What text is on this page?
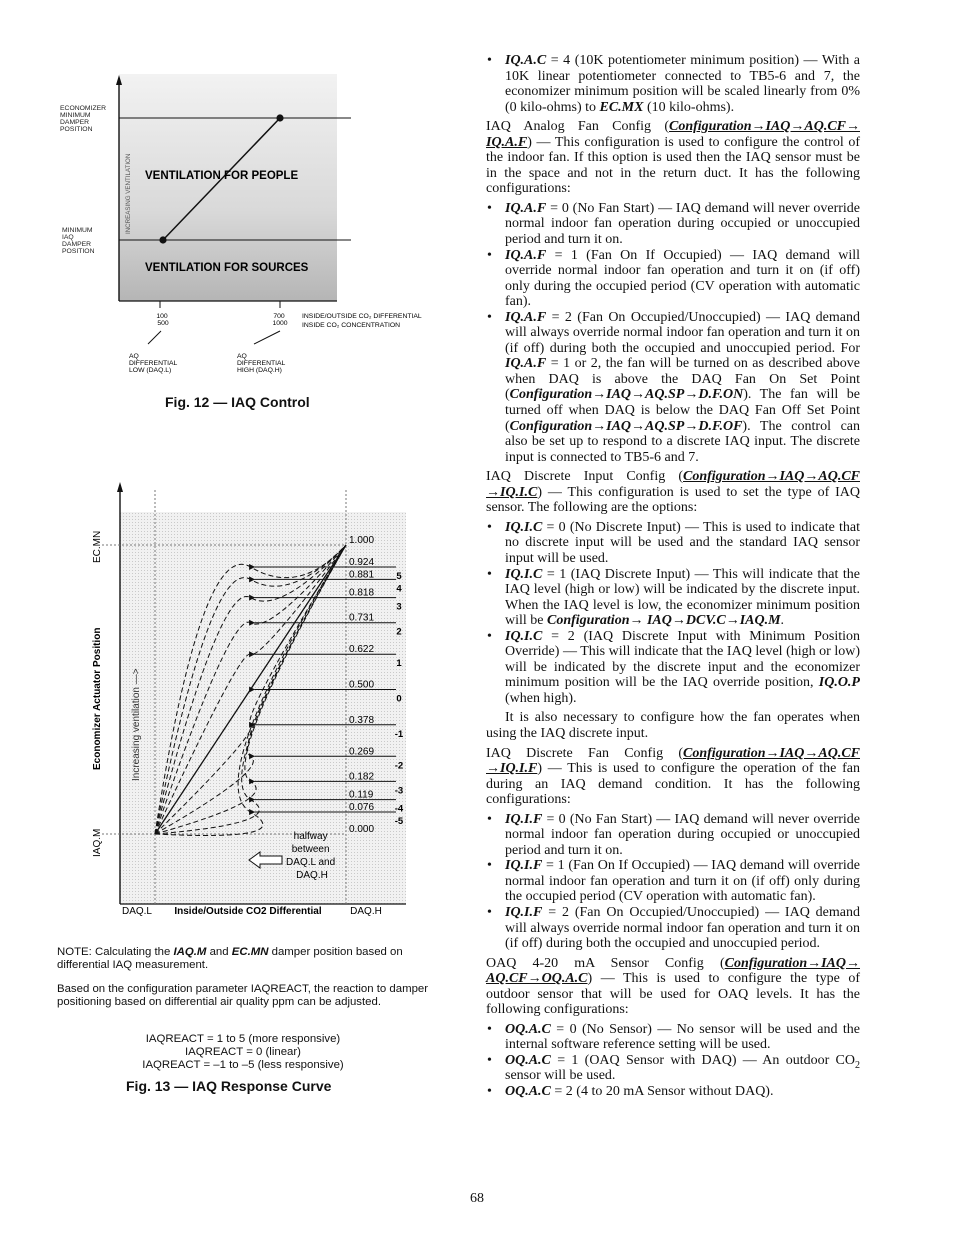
ECONOMIZER MINIMUM DAMPER POSITION
MINIMUM IAQ DAMPER POSITION
INCREASING VENTILATION VENTILATION FOR PEOPLE
VENTILATION FOR SOURCES
100 500
700 1000
INSIDE/OUTSIDE CO₂ DIFFERENTIAL INSIDE CO₂ CONCENTRATION
AQ DIFFERENTIAL LOW (DAQ.L)
AQ DIFFERENTIAL HIGH (DAQ.H)
Fig. 12 — IAQ Control
5
4
3
2
1
0
-1
-2
-3
-4
-5
1.000
0.924
0.881
0.818
0.731
0.622
0.500
0.378
0.269
0.182
0.119
0.076
0.000
Economizer Actuator Position
EC.MN
IAQ.M
Increasing ventilation —>
DAQ.L	DAQ.H
Inside/Outside CO2 Differential
halfway between DAQ.L and DAQ.H
Fig. 13 — IAQ Response Curve
NOTE: Calculating the IAQ.M and EC.MN damper position based on differential IAQ measurement.
Based on the configuration parameter IAQREACT, the reaction to damper positioning based on differential air quality ppm can be adjusted.
IAQREACT = 1 to 5 (more responsive)
IAQREACT = 0 (linear)
IAQREACT = –1 to –5 (less responsive)
• IQ.A.C = 4 (10K potentiometer minimum position) — With a 10K linear potentiometer connected to TB5-6 and 7, the economizer minimum position will be scaled linearly from 0% (0 kilo-ohms) to EC.MX (10 kilo-ohms).

IAQ Analog Fan Config (Configuration→IAQ→AQ.CF→ IQ.A.F) — This configuration is used to configure the control of the indoor fan. If this option is used then the IAQ sensor must be in the space and not in the return duct. It has the following configurations:

• IQ.A.F = 0 (No Fan Start) — IAQ demand will never override normal indoor fan operation during occupied or unoccupied period and turn it on.
• IQ.A.F = 1 (Fan On If Occupied) — IAQ demand will override normal indoor fan operation and turn it on (if off) only during the occupied period (CV operation with automatic fan).
• IQ.A.F = 2 (Fan On Occupied/Unoccupied) — IAQ demand will always override normal indoor fan operation and turn it on (if off) during both the occupied and unoccupied period. For IQ.A.F = 1 or 2, the fan will be turned on as described above when DAQ is above the DAQ Fan On Set Point (Configuration→IAQ→AQ.SP→D.F.ON). The fan will be turned off when DAQ is below the DAQ Fan Off Set Point (Configuration→IAQ→AQ.SP→D.F.OF). The control can also be set up to respond to a discrete IAQ input. The discrete input is connected to TB5-6 and 7.

IAQ Discrete Input Config (Configuration→IAQ→AQ.CF →IQ.I.C) — This configuration is used to set the type of IAQ sensor. The following are the options:

• IQ.I.C = 0 (No Discrete Input) — This is used to indicate that no discrete input will be used and the standard IAQ sensor input will be used.
• IQ.I.C = 1 (IAQ Discrete Input) — This will indicate that the IAQ level (high or low) will be indicated by the discrete input. When the IAQ level is low, the economizer minimum position will be Configuration→ IAQ→DCV.C→IAQ.M.
• IQ.I.C = 2 (IAQ Discrete Input with Minimum Position Override) — This will indicate that the IAQ level (high or low) will be indicated by the discrete input and the economizer minimum position will be the IAQ override position, IQ.O.P (when high).

It is also necessary to configure how the fan operates when using the IAQ discrete input.

IAQ Discrete Fan Config (Configuration→IAQ→AQ.CF →IQ.I.F) — This is used to configure the operation of the fan during an IAQ demand condition. It has the following configurations:

• IQ.I.F = 0 (No Fan Start) — IAQ demand will never override normal indoor fan operation during occupied or unoccupied period and turn it on.
• IQ.I.F = 1 (Fan On If Occupied) — IAQ demand will override normal indoor fan operation and turn it on (if off) only during the occupied period (CV operation with automatic fan).
• IQ.I.F = 2 (Fan On Occupied/Unoccupied) — IAQ demand will always override normal indoor fan operation and turn it on (if off) during both the occupied and unoccupied period.

OAQ 4-20 mA Sensor Config (Configuration→IAQ→ AQ.CF→OQ.A.C) — This is used to configure the type of outdoor sensor that will be used for OAQ levels. It has the following configurations:

• OQ.A.C = 0 (No Sensor) — No sensor will be used and the internal software reference setting will be used.
• OQ.A.C = 1 (OAQ Sensor with DAQ) — An outdoor $CO_2$ sensor will be used.
• OQ.A.C = 2 (4 to 20 mA Sensor without DAQ).
68
